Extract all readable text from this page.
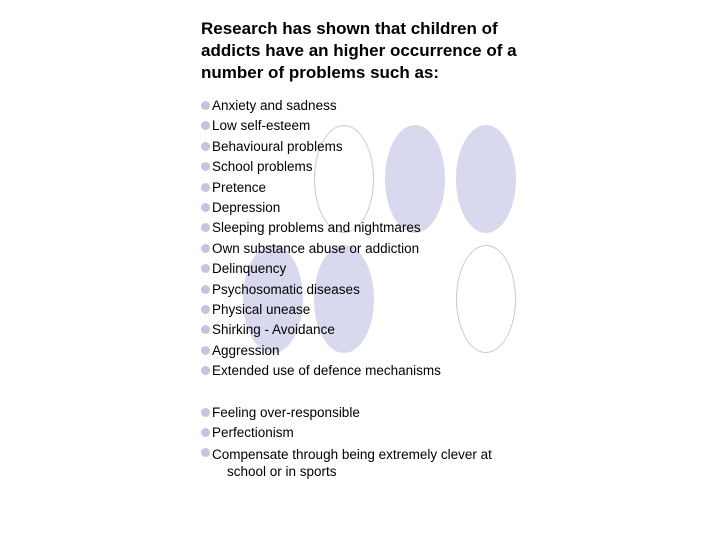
Research has shown that children of addicts have an higher occurrence of a number of problems such as:
Anxiety and sadness
Low self-esteem
Behavioural problems
School problems
Pretence
Depression
Sleeping problems and nightmares
Own substance abuse or addiction
Delinquency
Psychosomatic diseases
Physical unease
Shirking - Avoidance
Aggression
Extended use of defence mechanisms
Feeling over-responsible
Perfectionism
Compensate through being extremely clever at
school or in sports
